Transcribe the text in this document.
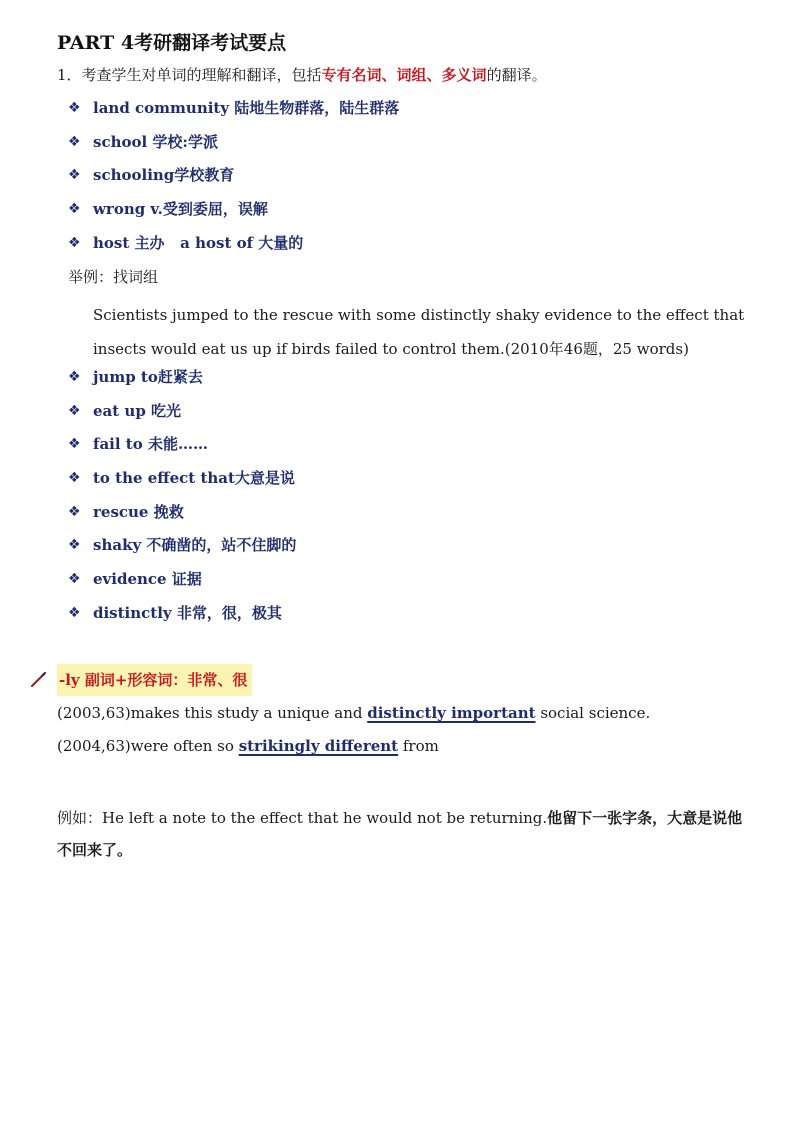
PART 4考研翻译考试要点
1．考查学生对单词的理解和翻译，包括专有名词、词组、多义词的翻译。
❖ land community 陆地生物群落，陆生群落
❖ school 学校:学派
❖ schooling学校教育
❖ wrong v.受到委屈，误解
❖ host 主办   a host of 大量的
举例：找词组
Scientists jumped to the rescue with some distinctly shaky evidence to the effect that insects would eat us up if birds failed to control them.(2010年46题，25 words)
❖ jump to赶紧去
❖ eat up 吃光
❖ fail to 未能……
❖ to the effect that大意是说
❖ rescue 挽救
❖ shaky 不确凿的，站不住脚的
❖ evidence 证据
❖ distinctly 非常，很，极其
-ly 副词+形容词：非常、很
(2003,63)makes this study a unique and distinctly important social science.
(2004,63)were often so strikingly different from
例如：He left a note to the effect that he would not be returning.他留下一张字条，大意是说他不回来了。
